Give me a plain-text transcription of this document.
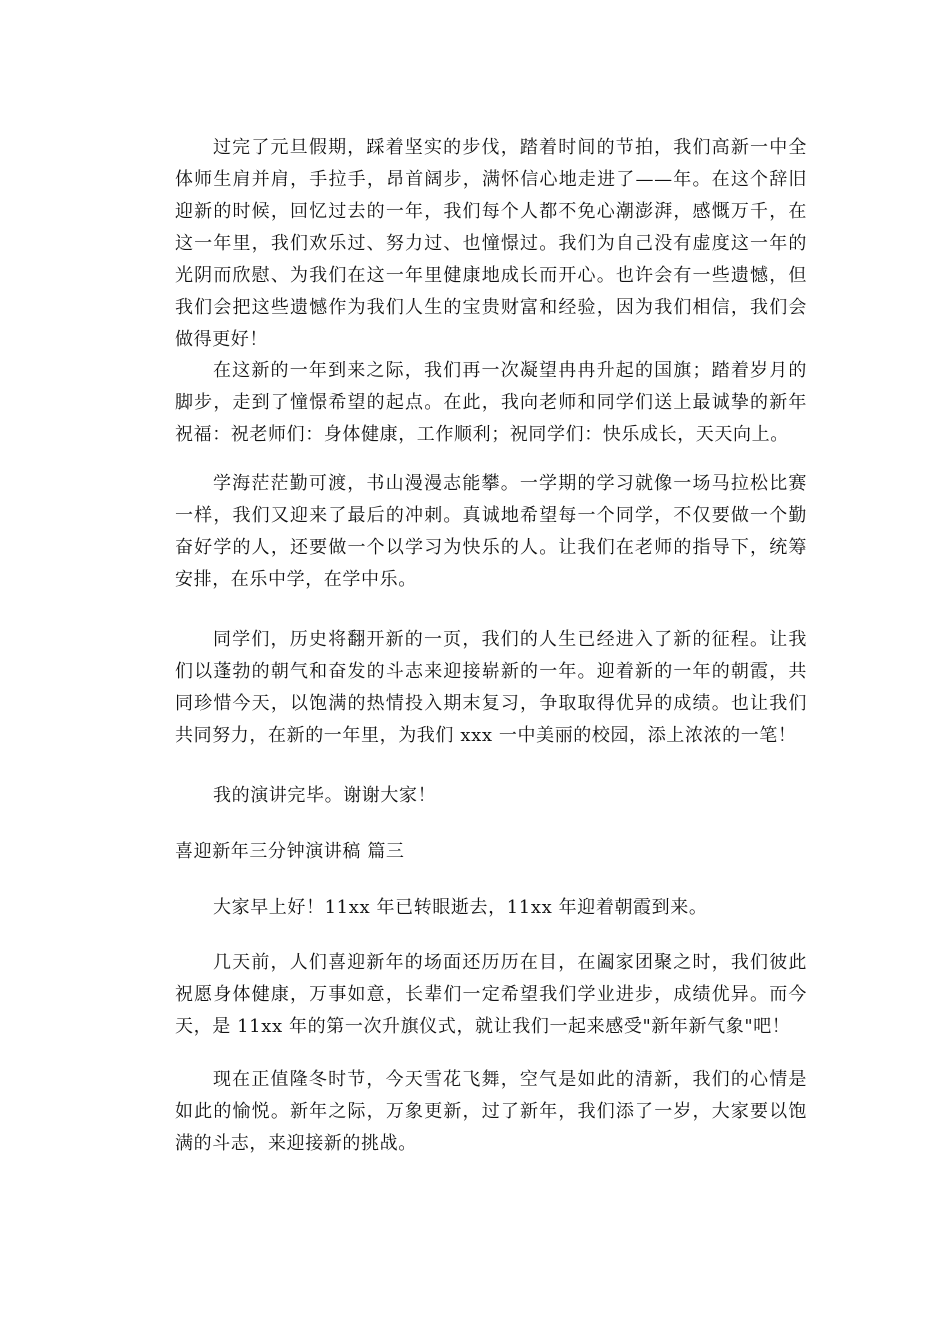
过完了元旦假期，踩着坚实的步伐，踏着时间的节拍，我们高新一中全体师生肩并肩，手拉手，昂首阔步，满怀信心地走进了——年。在这个辞旧迎新的时候，回忆过去的一年，我们每个人都不免心潮澎湃，感慨万千，在这一年里，我们欢乐过、努力过、也憧憬过。我们为自己没有虚度这一年的光阴而欣慰、为我们在这一年里健康地成长而开心。也许会有一些遗憾，但我们会把这些遗憾作为我们人生的宝贵财富和经验，因为我们相信，我们会做得更好！

在这新的一年到来之际，我们再一次凝望冉冉升起的国旗；踏着岁月的脚步，走到了憧憬希望的起点。在此，我向老师和同学们送上最诚挚的新年祝福：祝老师们：身体健康，工作顺利；祝同学们：快乐成长，天天向上。

学海茫茫勤可渡，书山漫漫志能攀。一学期的学习就像一场马拉松比赛一样，我们又迎来了最后的冲刺。真诚地希望每一个同学，不仅要做一个勤奋好学的人，还要做一个以学习为快乐的人。让我们在老师的指导下，统筹安排，在乐中学，在学中乐。

同学们，历史将翻开新的一页，我们的人生已经进入了新的征程。让我们以蓬勃的朝气和奋发的斗志来迎接崭新的一年。迎着新的一年的朝霞，共同珍惜今天，以饱满的热情投入期末复习，争取取得优异的成绩。也让我们共同努力，在新的一年里，为我们 xxx 一中美丽的校园，添上浓浓的一笔！

我的演讲完毕。谢谢大家！

喜迎新年三分钟演讲稿 篇三

大家早上好！11xx 年已转眼逝去，11xx 年迎着朝霞到来。

几天前，人们喜迎新年的场面还历历在目，在阖家团聚之时，我们彼此祝愿身体健康，万事如意，长辈们一定希望我们学业进步，成绩优异。而今天，是 11xx 年的第一次升旗仪式，就让我们一起来感受"新年新气象"吧！

现在正值隆冬时节，今天雪花飞舞，空气是如此的清新，我们的心情是如此的愉悦。新年之际，万象更新，过了新年，我们添了一岁，大家要以饱满的斗志，来迎接新的挑战。
